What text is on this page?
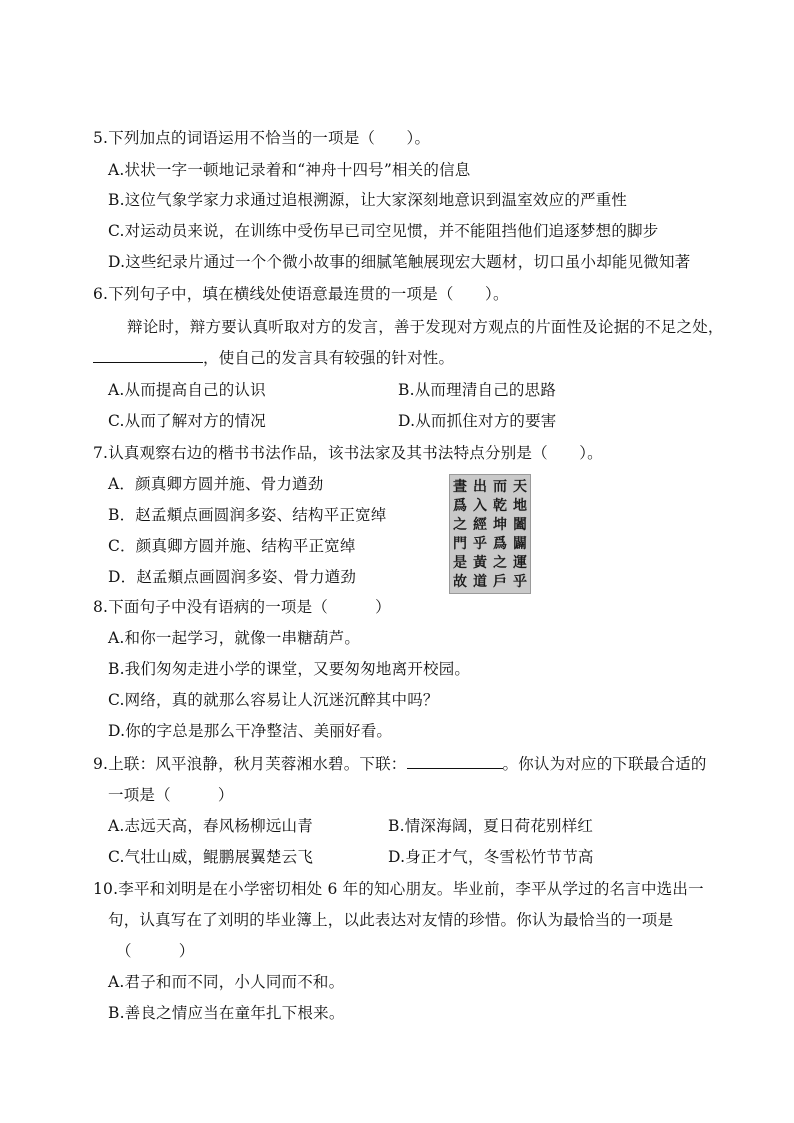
5.下列加点的词语运用不恰当的一项是（　　）。
A.状状一字一顿地记录着和“神舟十四号”相关的信息
B.这位气象学家力求通过追根溯源，让大家深刻地意识到温室效应的严重性
C.对运动员来说，在训练中受伤早已司空见惯，并不能阻挡他们追逐梦想的脚步
D.这些纪录片通过一个个微小故事的细腻笔触展现宏大题材，切口虽小却能见微知著
6.下列句子中，填在横线处使语意最连贯的一项是（　　）。
辩论时，辩方要认真听取对方的发言，善于发现对方观点的片面性及论据的不足之处，
，使自己的发言具有较强的针对性。
A.从而提高自己的认识	B.从而理清自己的思路
C.从而了解对方的情况	D.从而抓住对方的要害
7.认真观察右边的楷书书法作品，该书法家及其书法特点分别是（　　）。
A．颜真卿方圆并施、骨力遒劲
B．赵孟頫点画圆润多姿、结构平正宽绰
C．颜真卿方圆并施、结构平正宽绰
D．赵孟頫点画圆润多姿、骨力遒劲
天
地
闔
闢
運
乎
而
乾
坤
爲
之
戶
出
入
經
乎
黃
道
晝
爲
之
門
是
故
8.下面句子中没有语病的一项是（　　　）
A.和你一起学习，就像一串糖葫芦。
B.我们匆匆走进小学的课堂，又要匆匆地离开校园。
C.网络，真的就那么容易让人沉迷沉醉其中吗？
D.你的字总是那么干净整洁、美丽好看。
9.上联：风平浪静，秋月芙蓉湘水碧。下联：	。你认为对应的下联最合适的
一项是（　　　）
A.志远天高，春风杨柳远山青	B.情深海阔，夏日荷花别样红
C.气壮山威，鲲鹏展翼楚云飞	D.身正才气，冬雪松竹节节高
10.李平和刘明是在小学密切相处 6 年的知心朋友。毕业前，李平从学过的名言中选出一
句，认真写在了刘明的毕业簿上，以此表达对友情的珍惜。你认为最恰当的一项是
（　　　）
A.君子和而不同，小人同而不和。
B.善良之情应当在童年扎下根来。
